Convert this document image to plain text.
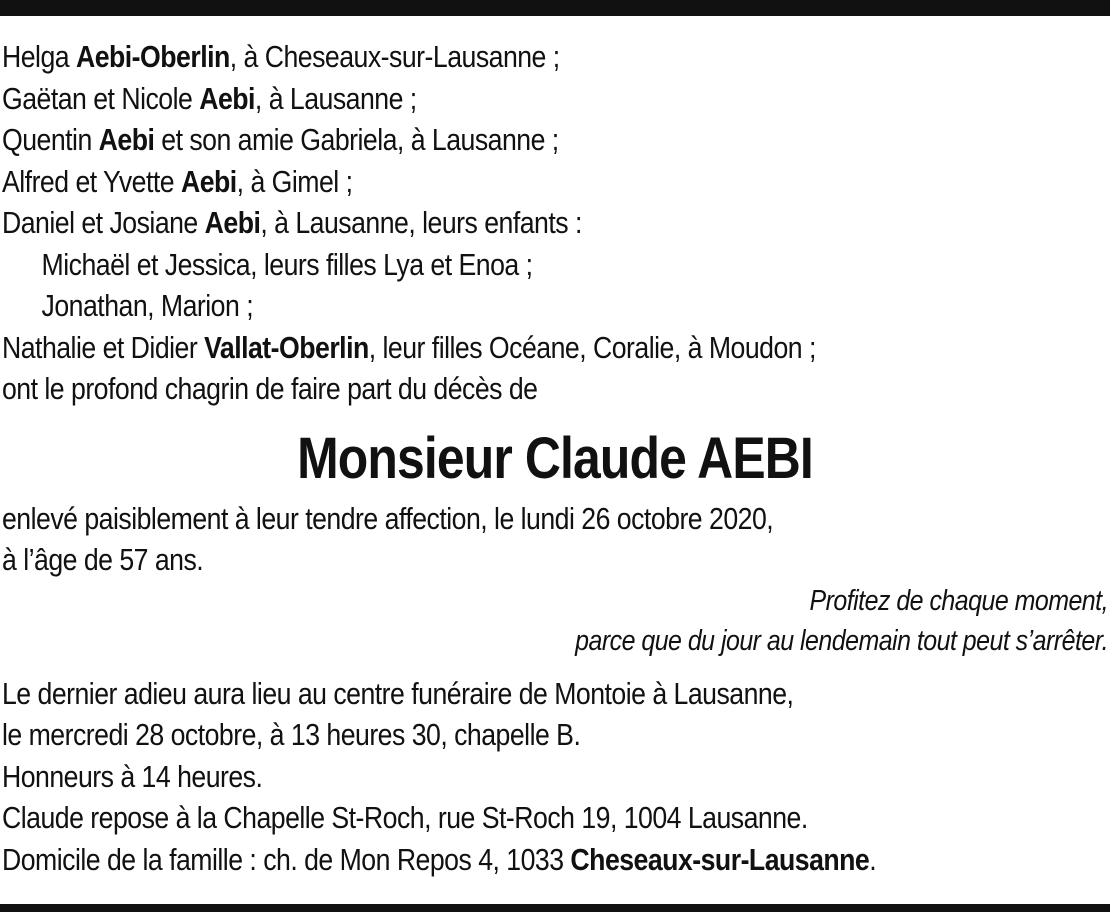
Helga Aebi-Oberlin, à Cheseaux-sur-Lausanne ;
Gaëtan et Nicole Aebi, à Lausanne ;
Quentin Aebi et son amie Gabriela, à Lausanne ;
Alfred et Yvette Aebi, à Gimel ;
Daniel et Josiane Aebi, à Lausanne, leurs enfants :
Michaël et Jessica, leurs filles Lya et Enoa ;
Jonathan, Marion ;
Nathalie et Didier Vallat-Oberlin, leur filles Océane, Coralie, à Moudon ;
ont le profond chagrin de faire part du décès de
Monsieur Claude AEBI
enlevé paisiblement à leur tendre affection, le lundi 26 octobre 2020,
à l’âge de 57 ans.
Profitez de chaque moment,
parce que du jour au lendemain tout peut s’arrêter.
Le dernier adieu aura lieu au centre funéraire de Montoie à Lausanne,
le mercredi 28 octobre, à 13 heures 30, chapelle B.
Honneurs à 14 heures.
Claude repose à la Chapelle St-Roch, rue St-Roch 19, 1004 Lausanne.
Domicile de la famille : ch. de Mon Repos 4, 1033 Cheseaux-sur-Lausanne.
